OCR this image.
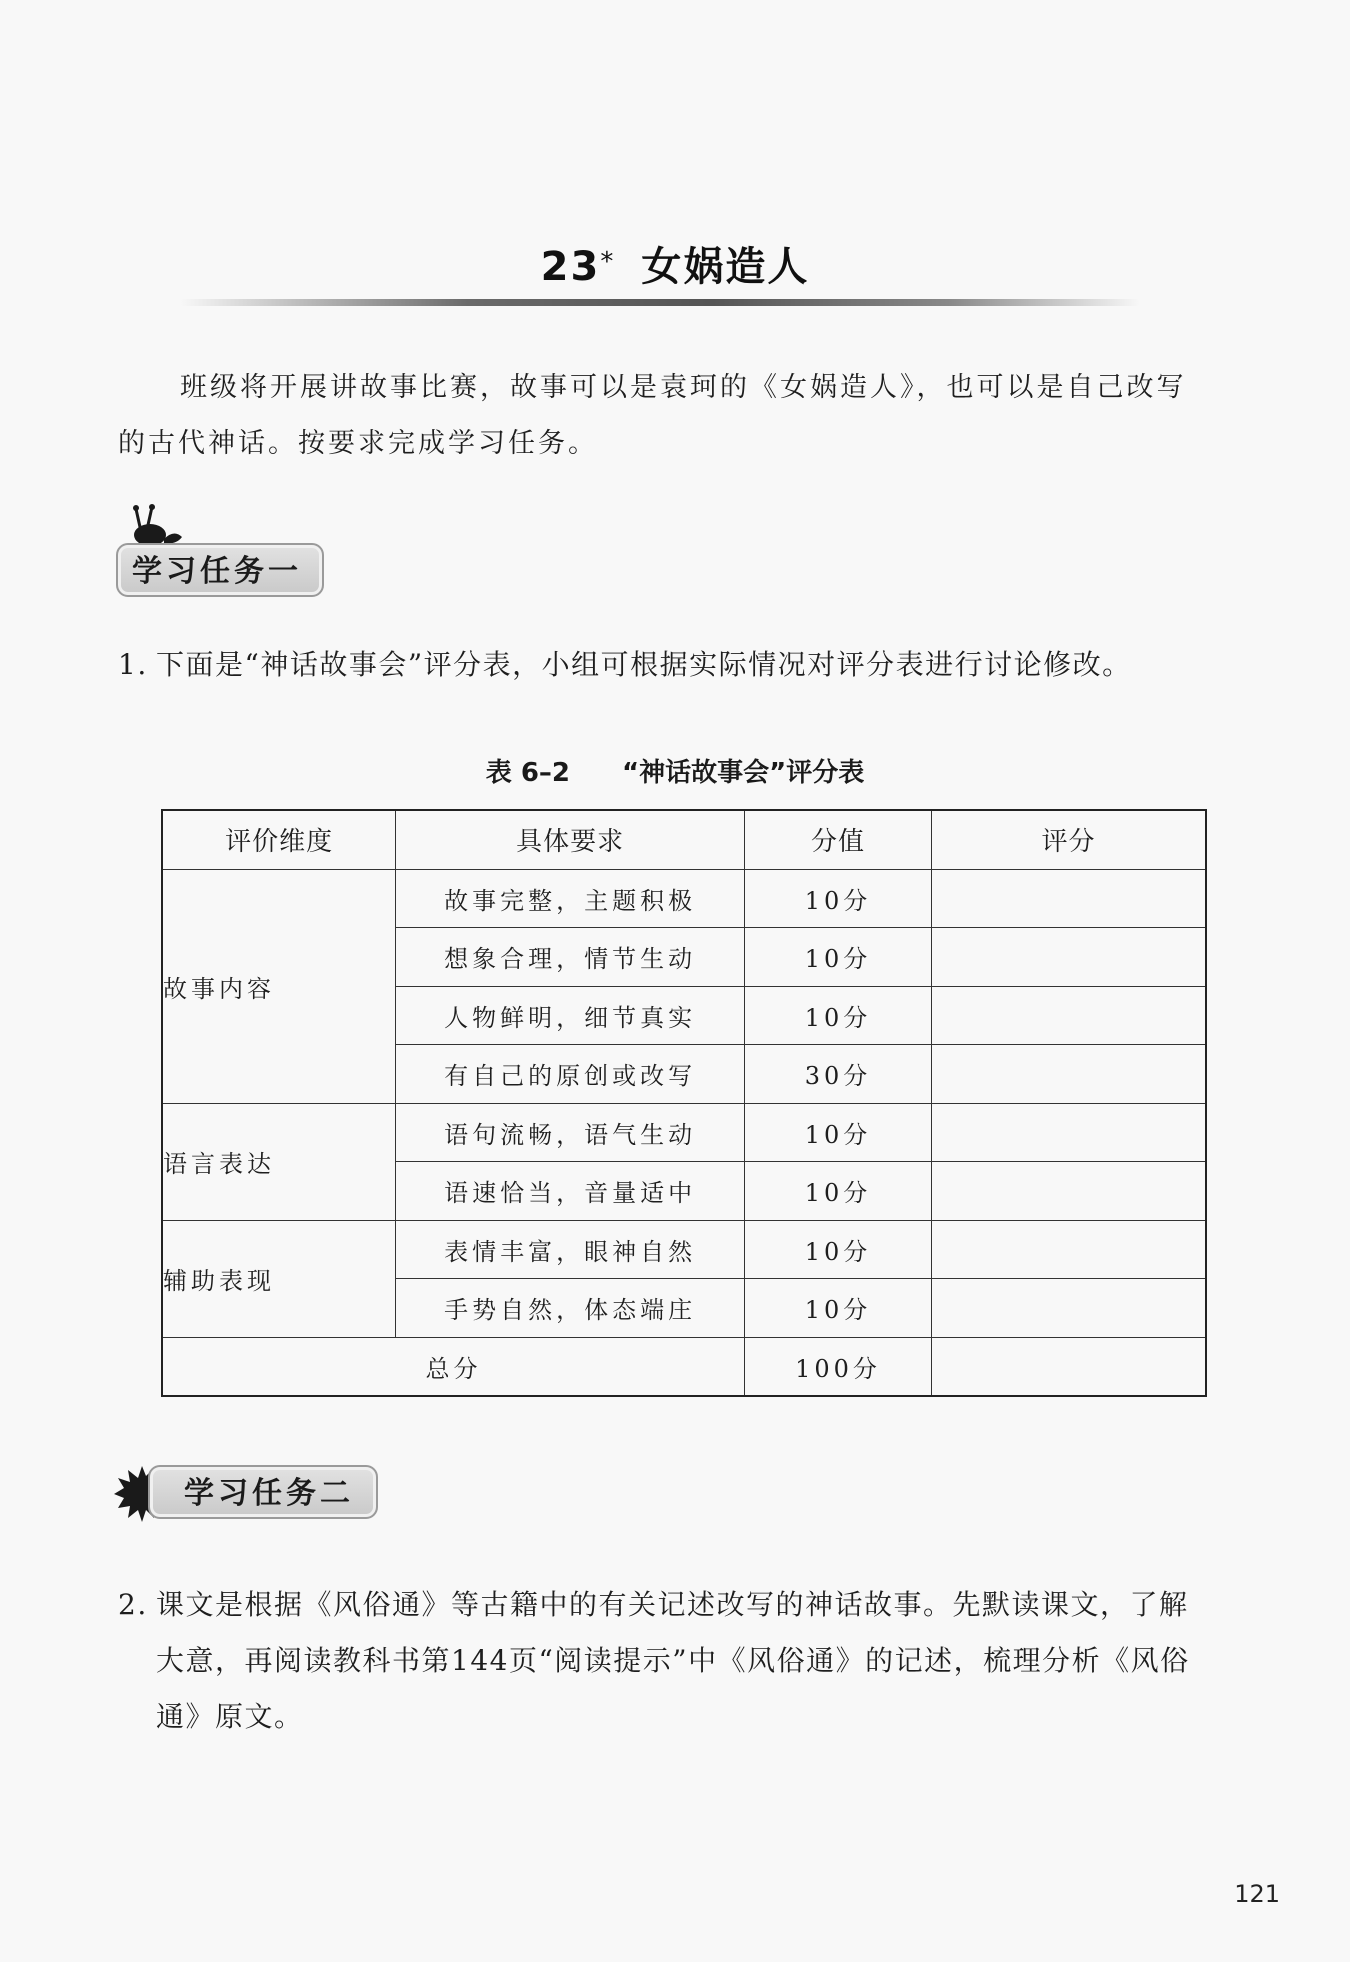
23* 女娲造人
班级将开展讲故事比赛，故事可以是袁珂的《女娲造人》，也可以是自己改写的古代神话。按要求完成学习任务。
学习任务一
1. 下面是“神话故事会”评分表，小组可根据实际情况对评分表进行讨论修改。
表 6–2 “神话故事会”评分表
评价维度	具体要求	分值	评分
故事内容	故事完整，主题积极	10分	
	想象合理，情节生动	10分	
	人物鲜明，细节真实	10分	
	有自己的原创或改写	30分	
语言表达	语句流畅，语气生动	10分	
	语速恰当，音量适中	10分	
辅助表现	表情丰富，眼神自然	10分	
	手势自然，体态端庄	10分	
总分		100分	
学习任务二
2. 课文是根据《风俗通》等古籍中的有关记述改写的神话故事。先默读课文，了解大意，再阅读教科书第144页“阅读提示”中《风俗通》的记述，梳理分析《风俗通》原文。
121
